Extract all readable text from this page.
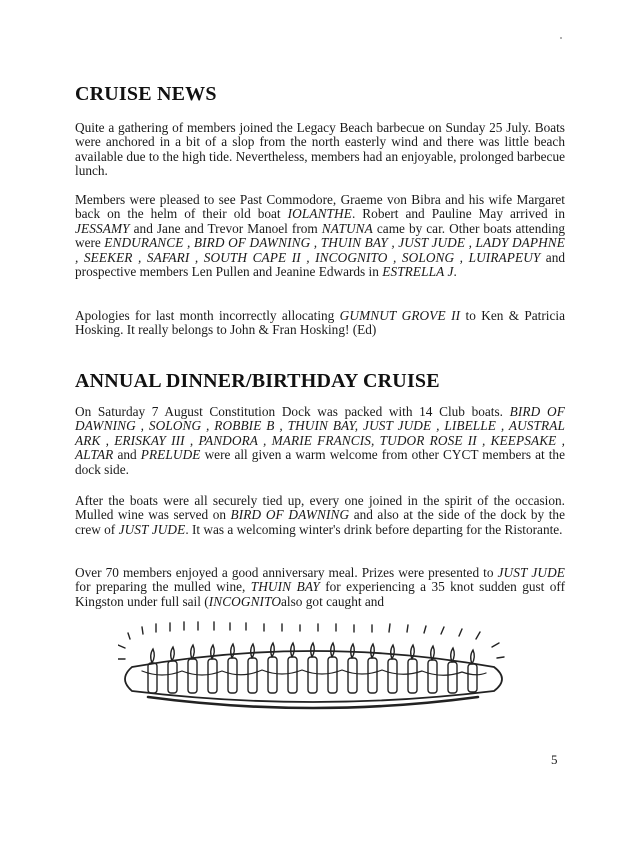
CRUISE NEWS

Quite a gathering of members joined the Legacy Beach barbecue on Sunday 25 July. Boats were anchored in a bit of a slop from the north easterly wind and there was little beach available due to the high tide. Nevertheless, members had an enjoyable, prolonged barbecue lunch.

Members were pleased to see Past Commodore, Graeme von Bibra and his wife Margaret back on the helm of their old boat IOLANTHE. Robert and Pauline May arrived in JESSAMY and Jane and Trevor Manoel from NATUNA came by car. Other boats attending were ENDURANCE , BIRD OF DAWNING , THUIN BAY , JUST JUDE , LADY DAPHNE , SEEKER , SAFARI , SOUTH CAPE II , INCOGNITO , SOLONG , LUIRAPEUY and prospective members Len Pullen and Jeanine Edwards in ESTRELLA J.

Apologies for last month incorrectly allocating GUMNUT GROVE II to Ken & Patricia Hosking. It really belongs to John & Fran Hosking! (Ed)

ANNUAL DINNER/BIRTHDAY CRUISE

On Saturday 7 August Constitution Dock was packed with 14 Club boats. BIRD OF DAWNING , SOLONG , ROBBIE B , THUIN BAY, JUST JUDE , LIBELLE , AUSTRAL ARK , ERISKAY III , PANDORA , MARIE FRANCIS, TUDOR ROSE II , KEEPSAKE , ALTAR and PRELUDE were all given a warm welcome from other CYCT members at the dock side.

After the boats were all securely tied up, every one joined in the spirit of the occasion. Mulled wine was served on BIRD OF DAWNING and also at the side of the dock by the crew of JUST JUDE. It was a welcoming winter's drink before departing for the Ristorante.

Over 70 members enjoyed a good anniversary meal. Prizes were presented to JUST JUDE for preparing the mulled wine, THUIN BAY for experiencing a 35 knot sudden gust off Kingston under full sail (INCOGNITOalso got caught and

5
